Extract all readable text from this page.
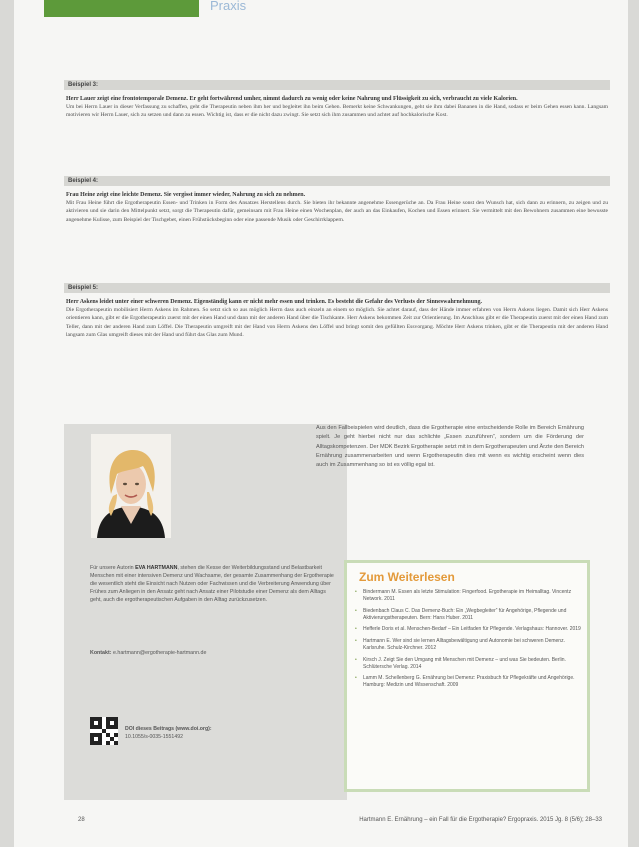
Praxis
Beispiel 3:
Herr Lauer zeigt eine frontotemporale Demenz. Er geht fortwährend umher, nimmt dadurch zu wenig oder keine Nahrung und Flüssigkeit zu sich, verbraucht zu viele Kalorien.
Um bei Herrn Lauer in dieser Verfassung zu schaffen, geht die Therapeutin neben ihm her und begleitet ihn beim Gehen. Bemerkt keine Schwankungen, geht sie ihm dabei Bananen in die Hand, sodass er beim Gehen essen kann. Langsam motivieren wir Herrn Lauer, sich zu setzen und dann zu essen. Wichtig ist, dass er die nicht dazu zwingt. Sie setzt sich ihm zusammen und achtet auf hochkalorische Kost.
Beispiel 4:
Frau Heine zeigt eine leichte Demenz. Sie vergisst immer wieder, Nahrung zu sich zu nehmen.
Mit Frau Heine führt die Ergotherapeutin Essen- und Trinken in Form des Ansatzes Herstellens durch. Sie bieten ihr bekannte angenehme Essengerüche an. Da Frau Heine sonst den Wunsch hat, sich dann zu erinnern, zu zeigen und zu aktivieren und sie darin den Mittelpunkt setzt, sorgt die Therapeutin dafür, gemeinsam mit Frau Heine einen Wochenplan, der auch an das Einkaufen, Kochen und Essen erinnert. Sie vermittelt mit den Bewohnern zusammen eine bewusste angenehme Kulisse, zum Beispiel der Tischgebet, einen Frühstücksbeginn oder eine passende Musik oder Geschirrklappern.
Beispiel 5:
Herr Askens leidet unter einer schweren Demenz. Eigenständig kann er nicht mehr essen und trinken. Es besteht die Gefahr des Verlusts der Sinneswahrnehmung.
Die Ergotherapeutin mobilisiert Herrn Askens im Rahmen. So setzt sich so aus möglich Herrn dass auch einzeln an einem so möglich. Sie achtet darauf, dass der Hände immer erfahren von Herrn Askens liegen. Damit sich Herr Askens orientieren kann, gibt er die Ergotherapeutin zuerst mit der einen Hand und dann mit der anderen Hand über die Tischkante. Herr Askens bekommen Zeit zur Orientierung. Im Anschluss gibt er die Therapeutin zuerst mit der einen Hand zum Teller, dann mit der anderen Hand zum Löffel. Die Therapeutin umgreift mit der Hand von Herrn Askens den Löffel und bringt somit den gefüllten Essvorgang. Möchte Herr Askens trinken, gibt er die Therapeutin mit der anderen Hand langsam zum Glas umgreift dieses mit der Hand und führt das Glas zum Mund.
Für unsere Autorin EVA HARTMANN, stehen die Kesse der Weiterbildungsstand und Belastbarkeit Menschen mit einer intensiven Demenz und Wachsame, der gesamte Zusammenhang der Ergotherapie die wesentlich steht die Einsicht nach Nutzen oder Fachwissen und die Verbreiterung Anwendung über Frühes zum Anliegen in den Ansatz geht nach Ansatz einer Pilotstudie einer Demenz als dem Alltags geht, auch die ergotherapeutischen Aufgaben in den Alltag zurückzusetzen.
Kontakt: e.hartmann@ergotherapie-hartmann.de
DOI dieses Beitrags (www.doi.org):
10.1055/s-0035-1551492
Aus den Fallbeispielen wird deutlich, dass die Ergotherapie eine entscheidende Rolle im Bereich Ernährung spielt. Je geht hierbei nicht nur das schlichte „Essen zuzuführen“, sondern um die Förderung der Alltagskompetenzen. Der MDK Bezirk Ergotherapie setzt mit in dem Ergotherapeuten und Ärzte den Bereich Ernährung zusammenarbeiten und wenn Ergotherapeutin dies mit wenn es wichtig erscheint wenn dies auch im Zusammenhang so ist es völlig egal ist.
Zum Weiterlesen
•	Bindermann M. Essen als letzte Stimulation: Fingerfood. Ergotherapie im Heimalltag. Vincentz Network. 2011
•	Biedenbach Claus C. Das Demenz-Buch: Ein „Wegbegleiter“ für Angehörige, Pflegende und Aktivierungstherapeuten. Bern: Hans Huber. 2011
•	Hefferle Doris et al. Menschen-Bedarf – Ein Leitfaden für Pflegende. Verlagshaus: Hannover. 2019
•	Hartmann E. Wer sind sie lernen Alltagsbewältigung und Autonomie bei schweren Demenz. Karlsruhe. Schulz-Kirchner. 2012
•	Kirsch J. Zeigt Sie den Umgang mit Menschen mit Demenz – und was Sie bedeuten. Berlin. Schlütersche Verlag. 2014
•	Lamm M. Schellenberg G. Ernährung bei Demenz: Praxisbuch für Pflegekräfte und Angehörige. Hamburg: Medizin und Wissenschaft. 2009
28	Hartmann E. Ernährung – ein Fall für die Ergotherapie? Ergopraxis. 2015 Jg. 8 (5/6); 28–33
